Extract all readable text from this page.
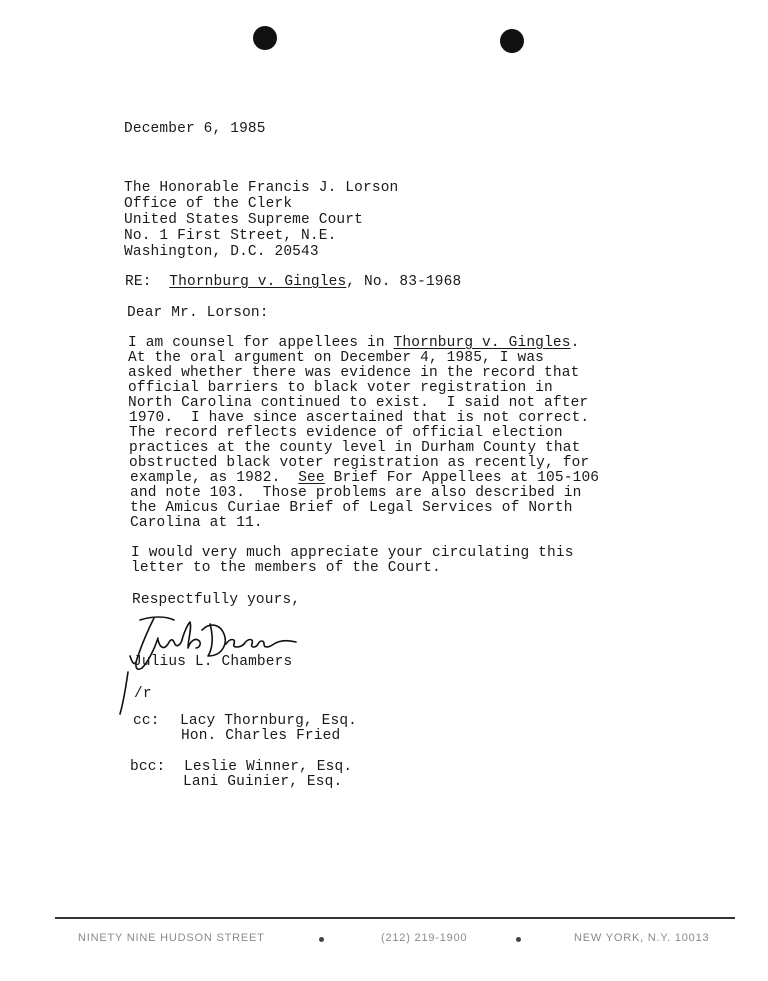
December 6, 1985
The Honorable Francis J. Lorson
Office of the Clerk
United States Supreme Court
No. 1 First Street, N.E.
Washington, D.C. 20543
RE: Thornburg v. Gingles, No. 83-1968
Dear Mr. Lorson:
I am counsel for appellees in Thornburg v. Gingles.
At the oral argument on December 4, 1985, I was
asked whether there was evidence in the record that
official barriers to black voter registration in
North Carolina continued to exist.  I said not after
1970.  I have since ascertained that is not correct.
The record reflects evidence of official election
practices at the county level in Durham County that
obstructed black voter registration as recently, for
example, as 1982.  See Brief For Appellees at 105-106
and note 103.  Those problems are also described in
the Amicus Curiae Brief of Legal Services of North
Carolina at 11.
I would very much appreciate your circulating this
letter to the members of the Court.
Respectfully yours,
Julius L. Chambers
/r
cc: Lacy Thornburg, Esq.
Hon. Charles Fried
bcc: Leslie Winner, Esq.
Lani Guinier, Esq.
NINETY NINE HUDSON STREET	(212) 219-1900	NEW YORK, N.Y. 10013
